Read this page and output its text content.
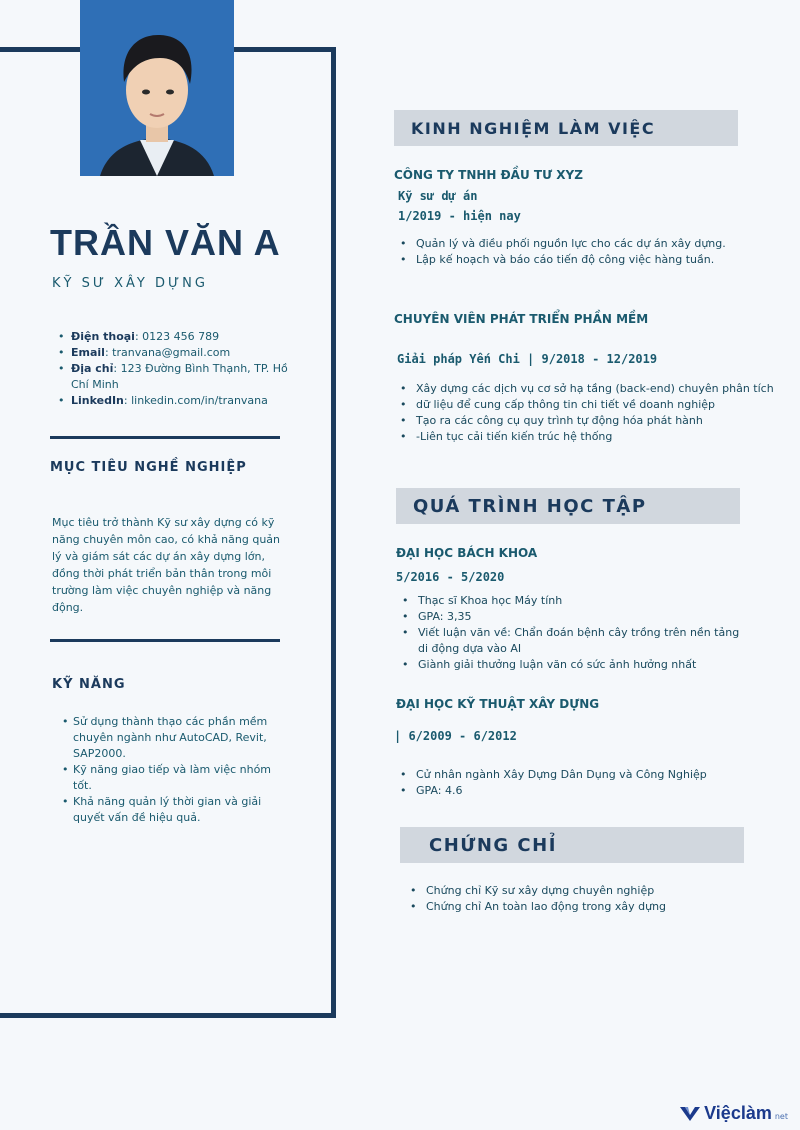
TRẦN VĂN A
KỸ SƯ XÂY DỰNG
• Điện thoại: 0123 456 789
• Email: tranvana@gmail.com
• Địa chỉ: 123 Đường Bình Thạnh, TP. Hồ Chí Minh
• LinkedIn: linkedin.com/in/tranvana
MỤC TIÊU NGHỀ NGHIỆP
Mục tiêu trở thành Kỹ sư xây dựng có kỹ năng chuyên môn cao, có khả năng quản lý và giám sát các dự án xây dựng lớn, đồng thời phát triển bản thân trong môi trường làm việc chuyên nghiệp và năng động.
KỸ NĂNG
• Sử dụng thành thạo các phần mềm chuyên ngành như AutoCAD, Revit, SAP2000.
• Kỹ năng giao tiếp và làm việc nhóm tốt.
• Khả năng quản lý thời gian và giải quyết vấn đề hiệu quả.
KINH NGHIỆM LÀM VIỆC
CÔNG TY TNHH ĐẦU TƯ XYZ
Kỹ sư dự án
1/2019 - hiện nay
• Quản lý và điều phối nguồn lực cho các dự án xây dựng.
• Lập kế hoạch và báo cáo tiến độ công việc hàng tuần.
CHUYÊN VIÊN PHÁT TRIỂN PHẦN MỀM
Giải pháp Yến Chi | 9/2018 - 12/2019
• Xây dựng các dịch vụ cơ sở hạ tầng (back-end) chuyên phân tích
• dữ liệu để cung cấp thông tin chi tiết về doanh nghiệp
• Tạo ra các công cụ quy trình tự động hóa phát hành
• -Liên tục cải tiến kiến trúc hệ thống
QUÁ TRÌNH HỌC TẬP
ĐẠI HỌC BÁCH KHOA
5/2016 - 5/2020
• Thạc sĩ Khoa học Máy tính
• GPA: 3,35
• Viết luận văn về: Chẩn đoán bệnh cây trồng trên nền tảng di động dựa vào AI
• Giành giải thưởng luận văn có sức ảnh hưởng nhất
ĐẠI HỌC KỸ THUẬT XÂY DỰNG
| 6/2009 - 6/2012
• Cử nhân ngành Xây Dựng Dân Dụng và Công Nghiệp
• GPA: 4.6
CHỨNG CHỈ
• Chứng chỉ Kỹ sư xây dựng chuyên nghiệp
• Chứng chỉ An toàn lao động trong xây dựng
Việclàm net
